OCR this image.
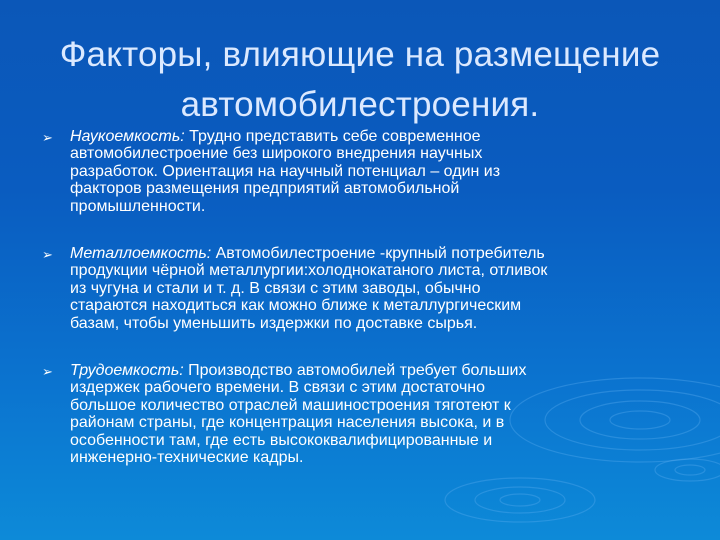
Факторы, влияющие на размещение
автомобилестроения.
➢ Наукоемкость: Трудно представить себе современное
автомобилестроение без широкого внедрения научных
разработок. Ориентация на научный потенциал – один из
факторов размещения предприятий автомобильной
промышленности.
➢ Металлоемкость: Автомобилестроение -крупный потребитель
продукции чёрной металлургии:холоднокатаного листа, отливок
из чугуна и стали и т. д. В связи с этим заводы, обычно
стараются находиться как можно ближе к металлургическим
базам, чтобы уменьшить издержки по доставке сырья.
➢ Трудоемкость: Производство автомобилей требует больших
издержек рабочего времени. В связи с этим достаточно
большое количество отраслей машиностроения тяготеют к
районам страны, где концентрация населения высока, и в
особенности там, где есть высококвалифицированные и
инженерно-технические кадры.
